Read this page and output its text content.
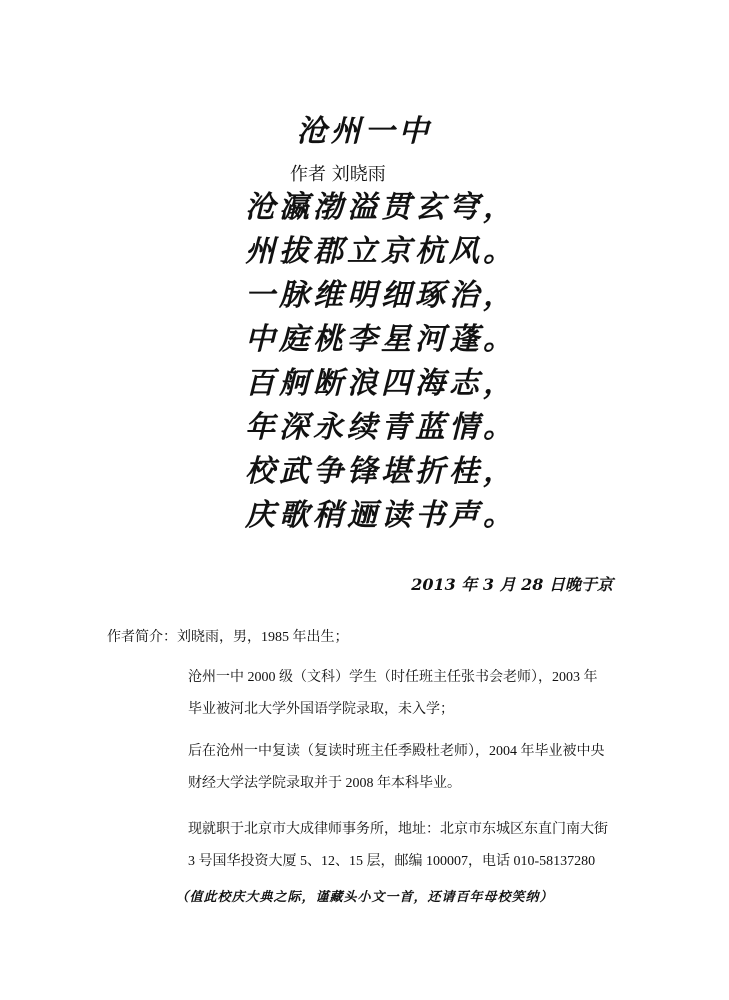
沧州一中
作者 刘晓雨
沧瀛渤溢贯玄穹，
州拔郡立京杭风。
一脉维明细琢治，
中庭桃李星河蓬。
百舸断浪四海志，
年深永续青蓝情。
校武争锋堪折桂，
庆歌稍逦读书声。
2013 年 3 月 28 日晚于京
作者简介：刘晓雨，男，1985 年出生；

沧州一中 2000 级（文科）学生（时任班主任张书会老师），2003 年

毕业被河北大学外国语学院录取，未入学；

后在沧州一中复读（复读时班主任季殿杜老师），2004 年毕业被中央

财经大学法学院录取并于 2008 年本科毕业。

现就职于北京市大成律师事务所，地址：北京市东城区东直门南大街

3 号国华投资大厦 5、12、15 层，邮编 100007，电话 010-58137280

（值此校庆大典之际，谨藏头小文一首，还请百年母校笑纳）
